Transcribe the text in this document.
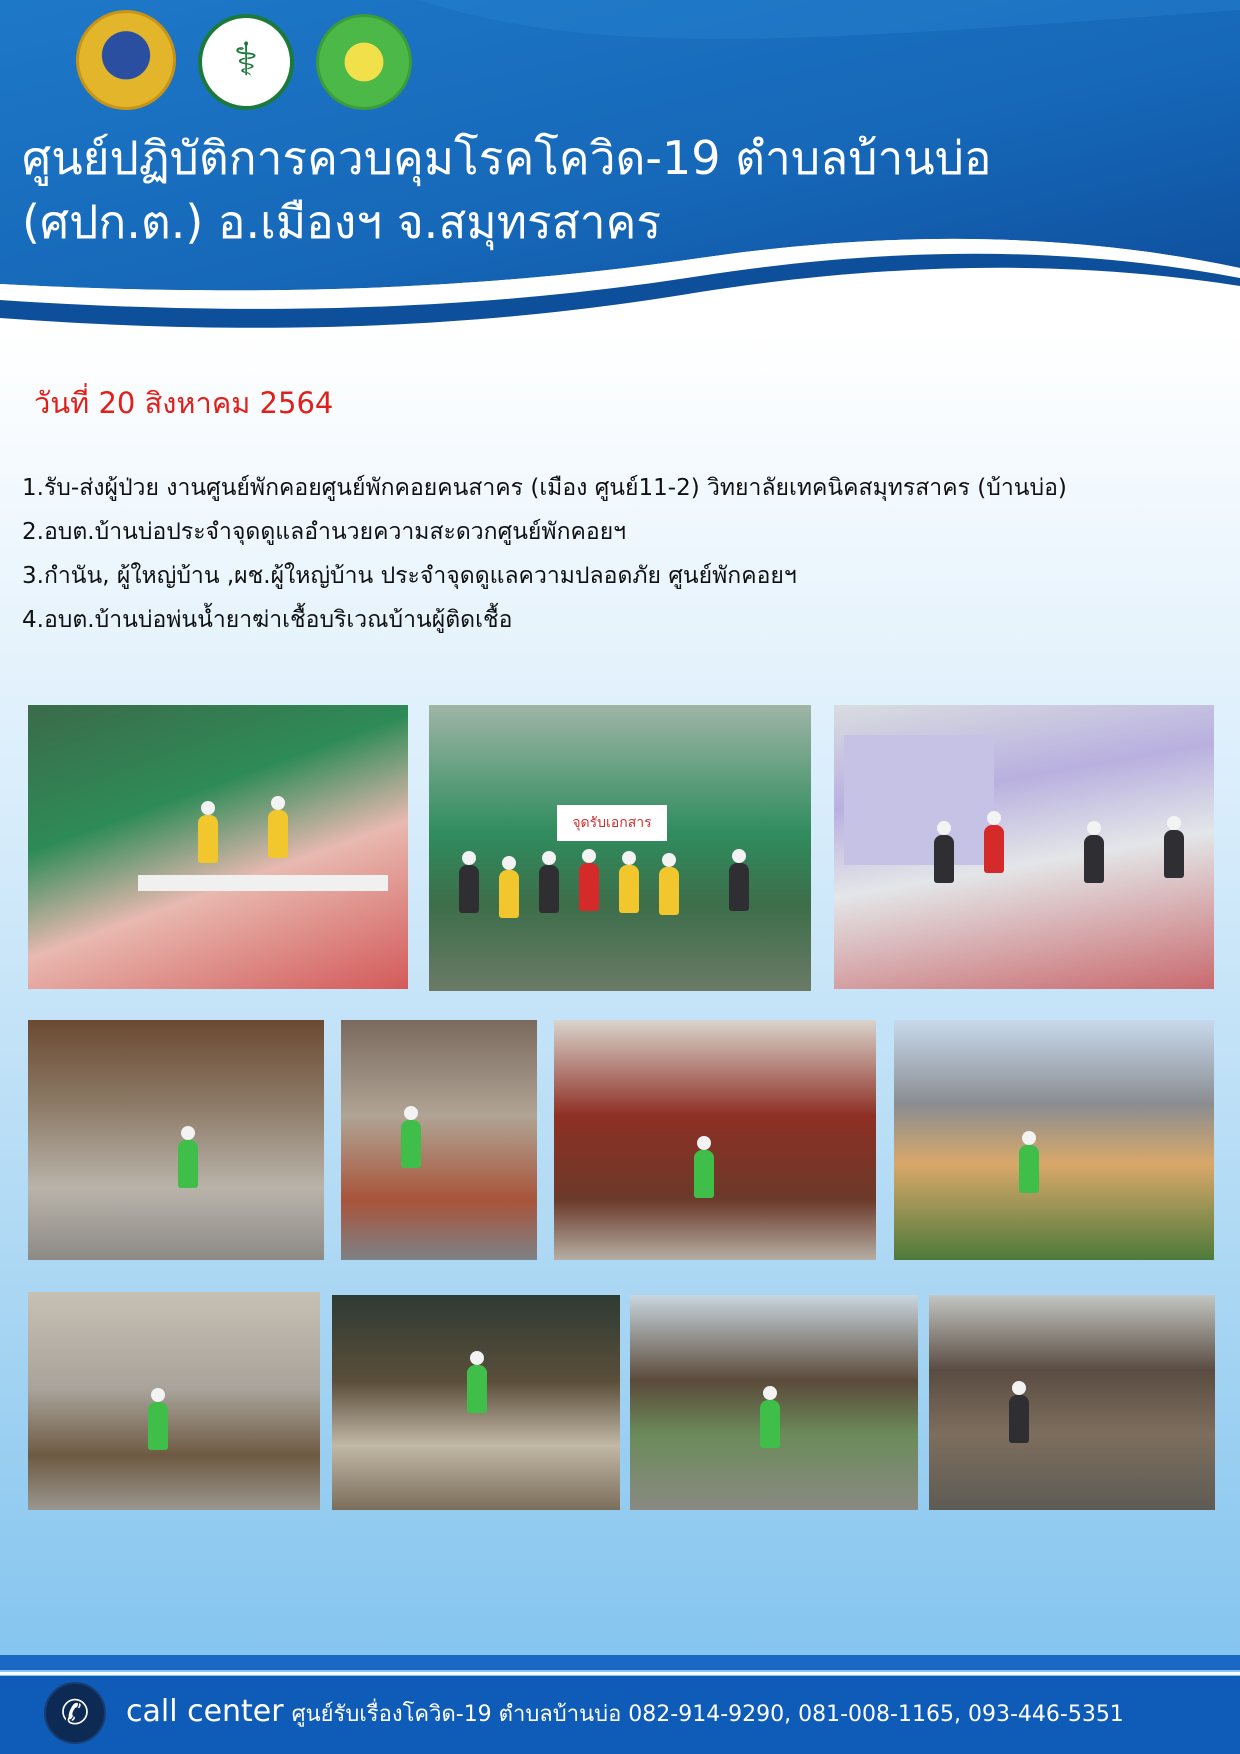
⚕
ศูนย์ปฏิบัติการควบคุมโรคโควิด-19 ตำบลบ้านบ่อ
(ศปก.ต.) อ.เมืองฯ จ.สมุทรสาคร

วันที่ 20 สิงหาคม 2564

1.รับ-ส่งผู้ป่วย งานศูนย์พักคอยศูนย์พักคอยคนสาคร (เมือง ศูนย์11-2) วิทยาลัยเทคนิคสมุทรสาคร (บ้านบ่อ)
2.อบต.บ้านบ่อประจำจุดดูแลอำนวยความสะดวกศูนย์พักคอยฯ
3.กำนัน, ผู้ใหญ่บ้าน ,ผช.ผู้ใหญ่บ้าน ประจำจุดดูแลความปลอดภัย ศูนย์พักคอยฯ
4.อบต.บ้านบ่อพ่นน้ำยาฆ่าเชื้อบริเวณบ้านผู้ติดเชื้อ
จุดรับเอกสาร
✆	call center ศูนย์รับเรื่องโควิด-19 ตำบลบ้านบ่อ 082-914-9290, 081-008-1165, 093-446-5351
